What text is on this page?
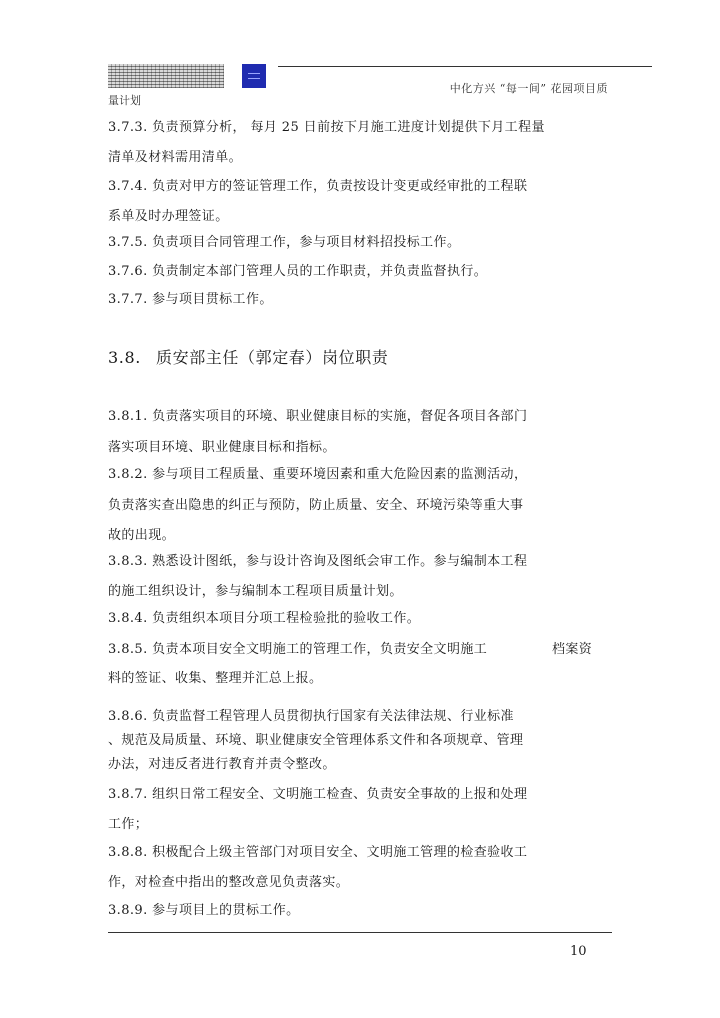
中化方兴 “每一间” 花园项目质
量计划
3.7.3. 负责预算分析， 每月 25 日前按下月施工进度计划提供下月工程量
清单及材料需用清单。
3.7.4. 负责对甲方的签证管理工作，负责按设计变更或经审批的工程联
系单及时办理签证。
3.7.5. 负责项目合同管理工作，参与项目材料招投标工作。
3.7.6. 负责制定本部门管理人员的工作职责，并负责监督执行。
3.7.7. 参与项目贯标工作。
3.8. 质安部主任（郭定春）岗位职责
3.8.1. 负责落实项目的环境、职业健康目标的实施，督促各项目各部门
落实项目环境、职业健康目标和指标。
3.8.2. 参与项目工程质量、重要环境因素和重大危险因素的监测活动，
负责落实查出隐患的纠正与预防，防止质量、安全、环境污染等重大事
故的出现。
3.8.3. 熟悉设计图纸，参与设计咨询及图纸会审工作。参与编制本工程
的施工组织设计，参与编制本工程项目质量计划。
3.8.4. 负责组织本项目分项工程检验批的验收工作。
3.8.5. 负责本项目安全文明施工的管理工作，负责安全文明施工	档案资
料的签证、收集、整理并汇总上报。
3.8.6. 负责监督工程管理人员贯彻执行国家有关法律法规、行业标准
、规范及局质量、环境、职业健康安全管理体系文件和各项规章、管理
办法，对违反者进行教育并责令整改。
3.8.7. 组织日常工程安全、文明施工检查、负责安全事故的上报和处理
工作；
3.8.8. 积极配合上级主管部门对项目安全、文明施工管理的检查验收工
作，对检查中指出的整改意见负责落实。
3.8.9. 参与项目上的贯标工作。
10
